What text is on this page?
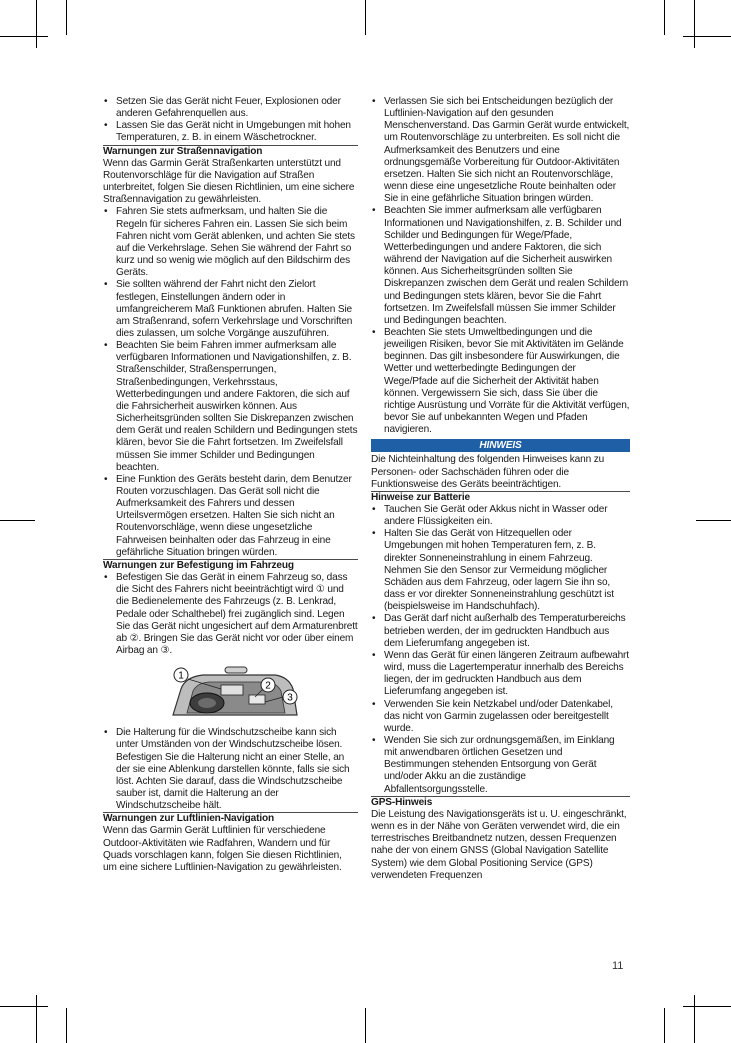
• Setzen Sie das Gerät nicht Feuer, Explosionen oder anderen Gefahrenquellen aus.
• Lassen Sie das Gerät nicht in Umgebungen mit hohen Temperaturen, z. B. in einem Wäschetrockner.
Warnungen zur Straßennavigation

Wenn das Garmin Gerät Straßenkarten unterstützt und Routenvorschläge für die Navigation auf Straßen unterbreitet, folgen Sie diesen Richtlinien, um eine sichere Straßennavigation zu gewährleisten.

• Fahren Sie stets aufmerksam, und halten Sie die Regeln für sicheres Fahren ein. Lassen Sie sich beim Fahren nicht vom Gerät ablenken, und achten Sie stets auf die Verkehrslage. Sehen Sie während der Fahrt so kurz und so wenig wie möglich auf den Bildschirm des Geräts.
• Sie sollten während der Fahrt nicht den Zielort festlegen, Einstellungen ändern oder in umfangreicherem Maß Funktionen abrufen. Halten Sie am Straßenrand, sofern Verkehrslage und Vorschriften dies zulassen, um solche Vorgänge auszuführen.
• Beachten Sie beim Fahren immer aufmerksam alle verfügbaren Informationen und Navigationshilfen, z. B. Straßenschilder, Straßensperrungen, Straßenbedingungen, Verkehrsstaus, Wetterbedingungen und andere Faktoren, die sich auf die Fahrsicherheit auswirken können. Aus Sicherheitsgründen sollten Sie Diskrepanzen zwischen dem Gerät und realen Schildern und Bedingungen stets klären, bevor Sie die Fahrt fortsetzen. Im Zweifelsfall müssen Sie immer Schilder und Bedingungen beachten.
• Eine Funktion des Geräts besteht darin, dem Benutzer Routen vorzuschlagen. Das Gerät soll nicht die Aufmerksamkeit des Fahrers und dessen Urteilsvermögen ersetzen. Halten Sie sich nicht an Routenvorschläge, wenn diese ungesetzliche Fahrweisen beinhalten oder das Fahrzeug in eine gefährliche Situation bringen würden.
Warnungen zur Befestigung im Fahrzeug
• Befestigen Sie das Gerät in einem Fahrzeug so, dass die Sicht des Fahrers nicht beeinträchtigt wird ① und die Bedienelemente des Fahrzeugs (z. B. Lenkrad, Pedale oder Schalthebel) frei zugänglich sind. Legen Sie das Gerät nicht ungesichert auf dem Armaturenbrett ab ②. Bringen Sie das Gerät nicht vor oder über einem Airbag an ③.
1
2
3
• Die Halterung für die Windschutzscheibe kann sich unter Umständen von der Windschutzscheibe lösen. Befestigen Sie die Halterung nicht an einer Stelle, an der sie eine Ablenkung darstellen könnte, falls sie sich löst. Achten Sie darauf, dass die Windschutzscheibe sauber ist, damit die Halterung an der Windschutzscheibe hält.
Warnungen zur Luftlinien-Navigation

Wenn das Garmin Gerät Luftlinien für verschiedene Outdoor-Aktivitäten wie Radfahren, Wandern und für Quads vorschlagen kann, folgen Sie diesen Richtlinien, um eine sichere Luftlinien-Navigation zu gewährleisten.

• Verlassen Sie sich bei Entscheidungen bezüglich der Luftlinien-Navigation auf den gesunden Menschenverstand. Das Garmin Gerät wurde entwickelt, um Routenvorschläge zu unterbreiten. Es soll nicht die Aufmerksamkeit des Benutzers und eine ordnungsgemäße Vorbereitung für Outdoor-Aktivitäten ersetzen. Halten Sie sich nicht an Routenvorschläge, wenn diese eine ungesetzliche Route beinhalten oder Sie in eine gefährliche Situation bringen würden.
• Beachten Sie immer aufmerksam alle verfügbaren Informationen und Navigationshilfen, z. B. Schilder und Schilder und Bedingungen für Wege/Pfade, Wetterbedingungen und andere Faktoren, die sich während der Navigation auf die Sicherheit auswirken können. Aus Sicherheitsgründen sollten Sie Diskrepanzen zwischen dem Gerät und realen Schildern und Bedingungen stets klären, bevor Sie die Fahrt fortsetzen. Im Zweifelsfall müssen Sie immer Schilder und Bedingungen beachten.
• Beachten Sie stets Umweltbedingungen und die jeweiligen Risiken, bevor Sie mit Aktivitäten im Gelände beginnen. Das gilt insbesondere für Auswirkungen, die Wetter und wetterbedingte Bedingungen der Wege/Pfade auf die Sicherheit der Aktivität haben können. Vergewissern Sie sich, dass Sie über die richtige Ausrüstung und Vorräte für die Aktivität verfügen, bevor Sie auf unbekannten Wegen und Pfaden navigieren.
HINWEIS

Die Nichteinhaltung des folgenden Hinweises kann zu Personen- oder Sachschäden führen oder die Funktionsweise des Geräts beeinträchtigen.

Hinweise zur Batterie
• Tauchen Sie Gerät oder Akkus nicht in Wasser oder andere Flüssigkeiten ein.
• Halten Sie das Gerät von Hitzequellen oder Umgebungen mit hohen Temperaturen fern, z. B. direkter Sonneneinstrahlung in einem Fahrzeug. Nehmen Sie den Sensor zur Vermeidung möglicher Schäden aus dem Fahrzeug, oder lagern Sie ihn so, dass er vor direkter Sonneneinstrahlung geschützt ist (beispielsweise im Handschuhfach).
• Das Gerät darf nicht außerhalb des Temperaturbereichs betrieben werden, der im gedruckten Handbuch aus dem Lieferumfang angegeben ist.
• Wenn das Gerät für einen längeren Zeitraum aufbewahrt wird, muss die Lagertemperatur innerhalb des Bereichs liegen, der im gedruckten Handbuch aus dem Lieferumfang angegeben ist.
• Verwenden Sie kein Netzkabel und/oder Datenkabel, das nicht von Garmin zugelassen oder bereitgestellt wurde.
• Wenden Sie sich zur ordnungsgemäßen, im Einklang mit anwendbaren örtlichen Gesetzen und Bestimmungen stehenden Entsorgung von Gerät und/oder Akku an die zuständige Abfallentsorgungsstelle.
GPS-Hinweis

Die Leistung des Navigationsgeräts ist u. U. eingeschränkt, wenn es in der Nähe von Geräten verwendet wird, die ein terrestrisches Breitbandnetz nutzen, dessen Frequenzen nahe der von einem GNSS (Global Navigation Satellite System) wie dem Global Positioning Service (GPS) verwendeten Frequenzen

11
